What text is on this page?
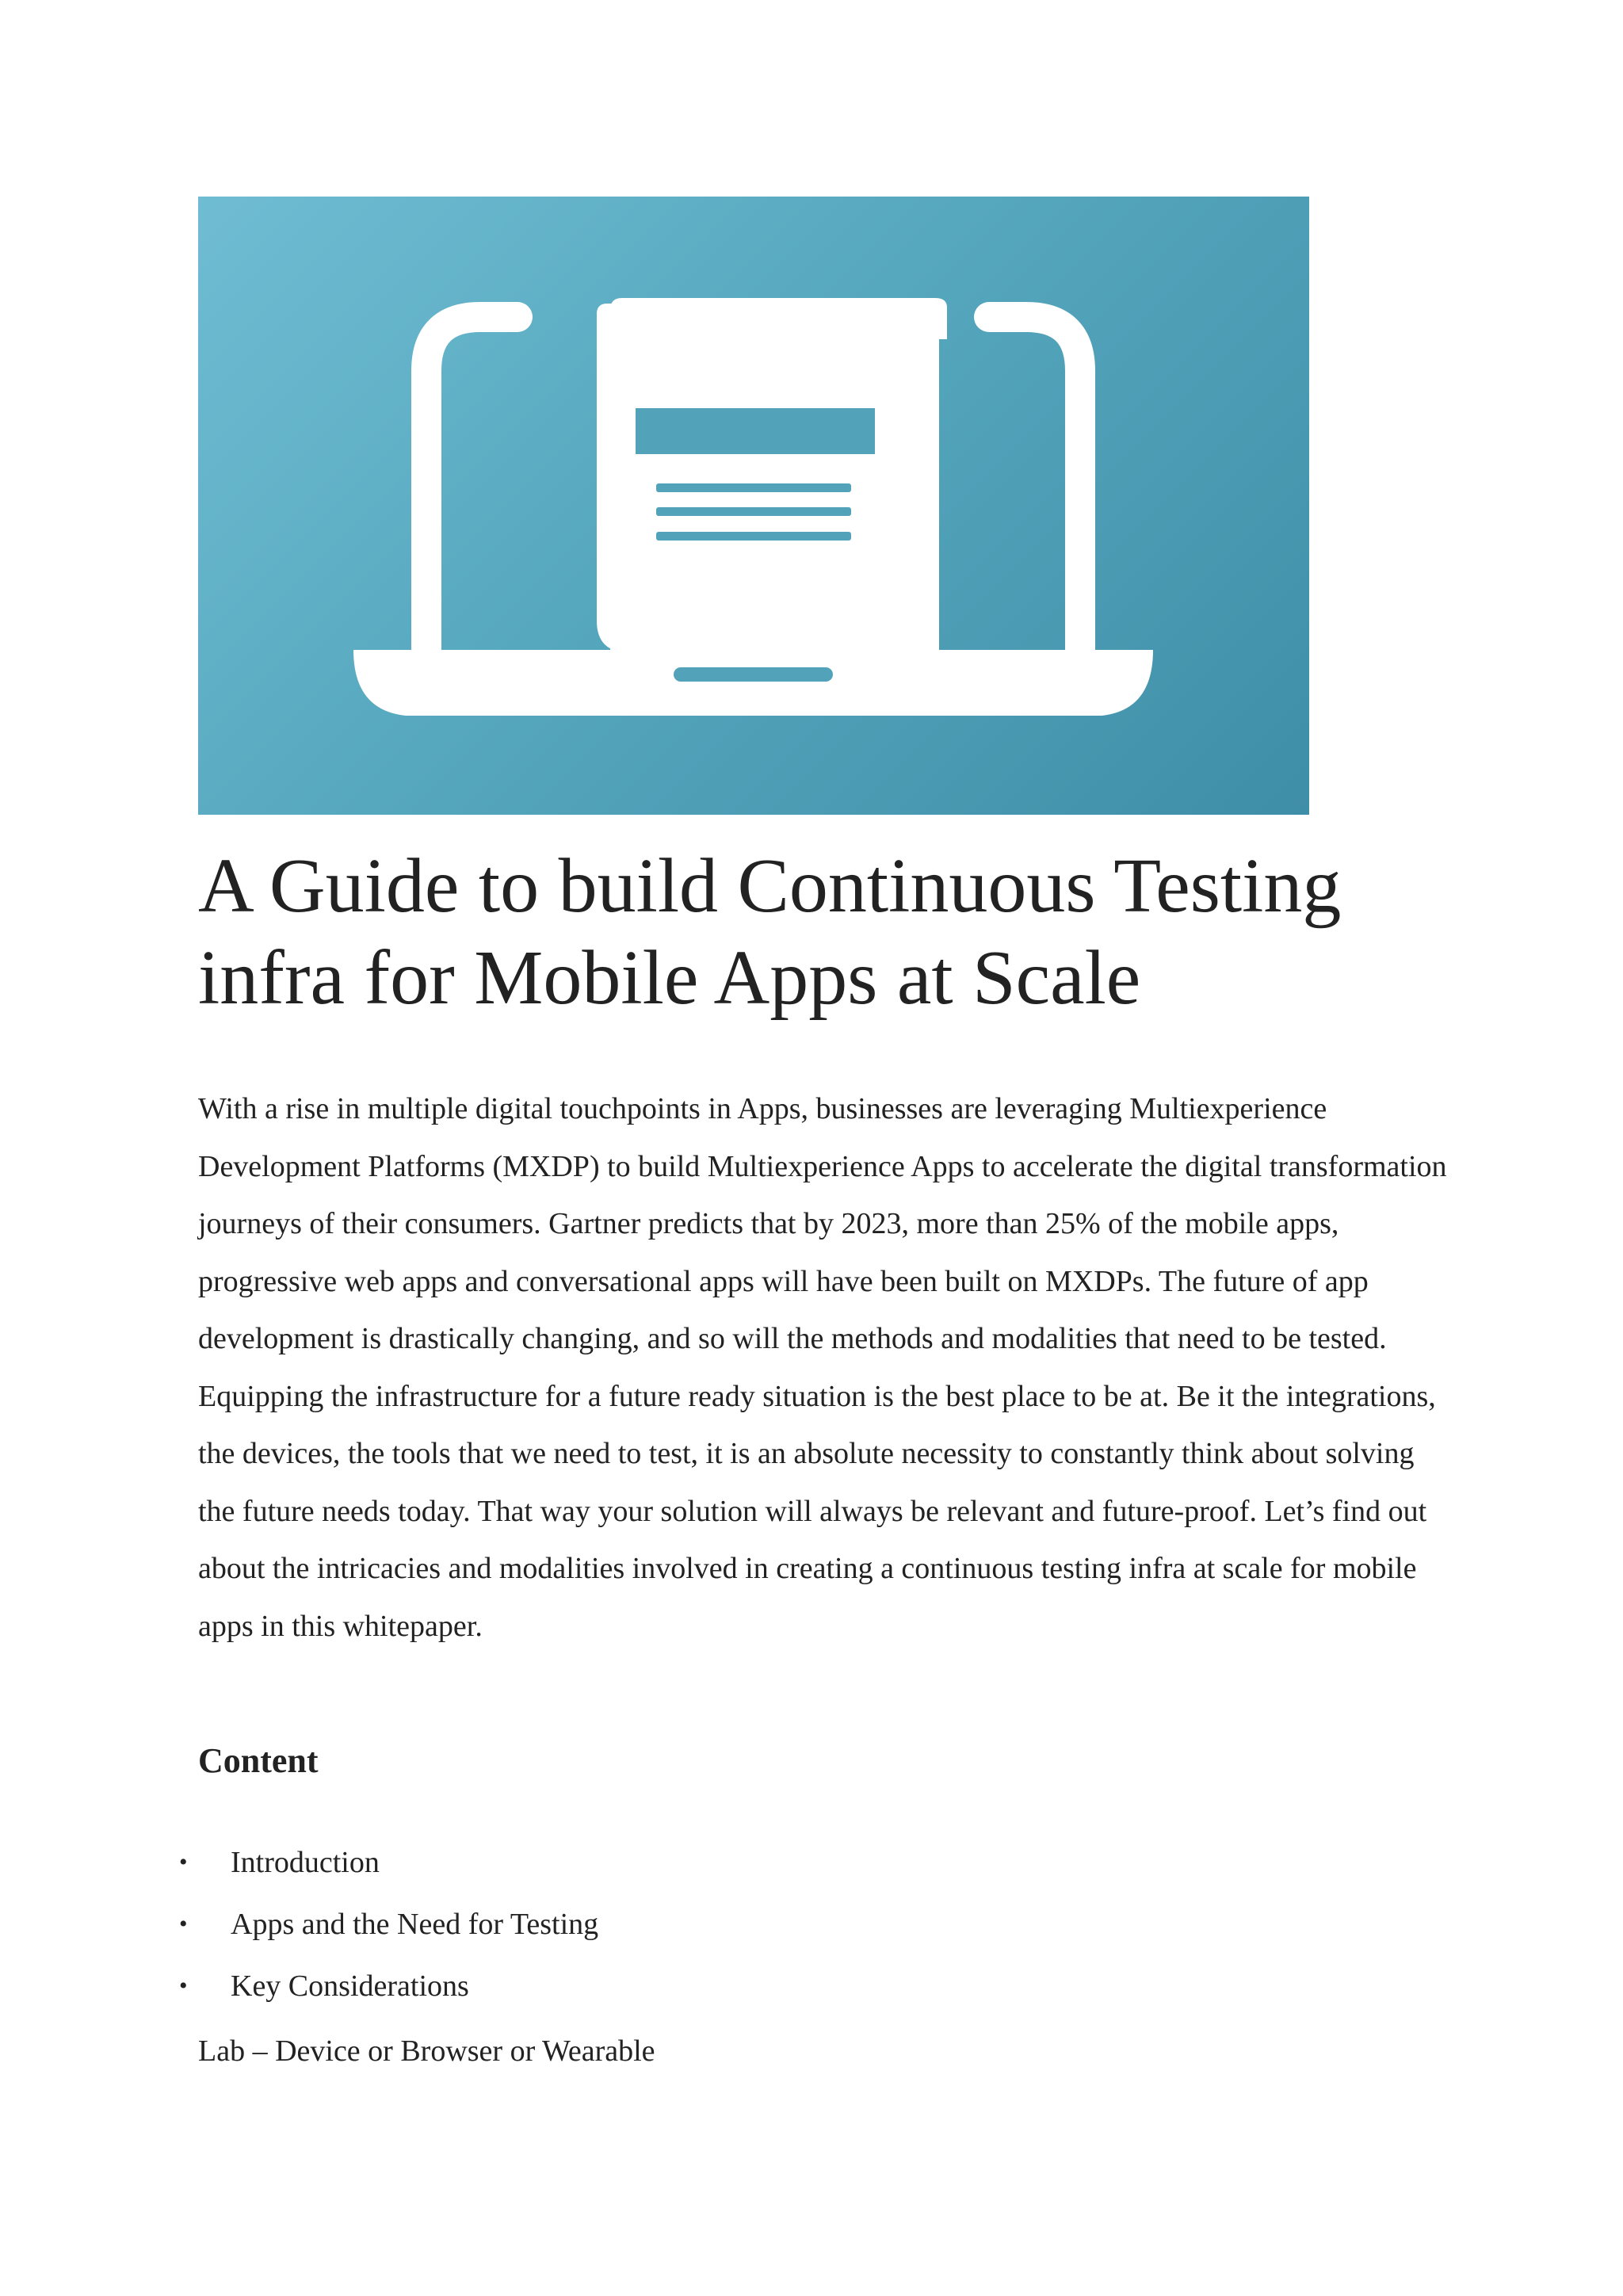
A Guide to build Continuous Testing
infra for Mobile Apps at Scale

With a rise in multiple digital touchpoints in Apps, businesses are leveraging Multiexperience Development Platforms (MXDP) to build Multiexperience Apps to accelerate the digital transformation journeys of their consumers. Gartner predicts that by 2023, more than 25% of the mobile apps, progressive web apps and conversational apps will have been built on MXDPs. The future of app development is drastically changing, and so will the methods and modalities that need to be tested. Equipping the infrastructure for a future ready situation is the best place to be at. Be it the integrations, the devices, the tools that we need to test, it is an absolute necessity to constantly think about solving the future needs today. That way your solution will always be relevant and future-proof. Let’s find out about the intricacies and modalities involved in creating a continuous testing infra at scale for mobile apps in this whitepaper.

Content
• Introduction
• Apps and the Need for Testing
• Key Considerations

Lab – Device or Browser or Wearable
